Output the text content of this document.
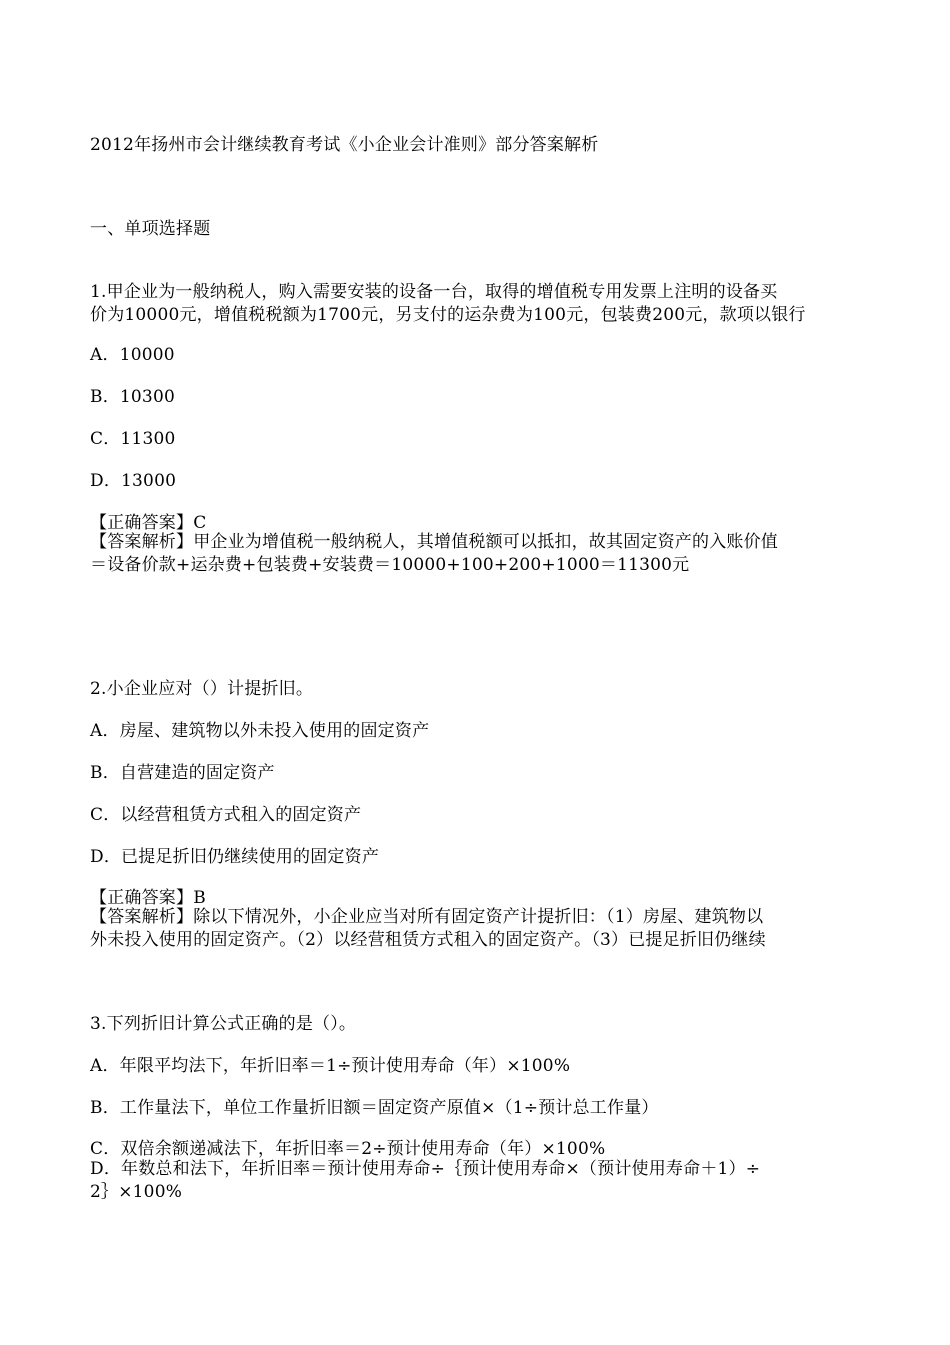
2012年扬州市会计继续教育考试《小企业会计准则》部分答案解析
一、单项选择题
1.甲企业为一般纳税人，购入需要安装的设备一台，取得的增值税专用发票上注明的设备买
价为10000元，增值税税额为1700元，另支付的运杂费为100元，包装费200元，款项以银行
A．10000
B．10300
C．11300
D．13000
【正确答案】C
【答案解析】甲企业为增值税一般纳税人，其增值税额可以抵扣，故其固定资产的入账价值
＝设备价款+运杂费+包装费+安装费＝10000+100+200+1000＝11300元
2.小企业应对（）计提折旧。
A．房屋、建筑物以外未投入使用的固定资产
B．自营建造的固定资产
C．以经营租赁方式租入的固定资产
D．已提足折旧仍继续使用的固定资产
【正确答案】B
【答案解析】除以下情况外，小企业应当对所有固定资产计提折旧：（1）房屋、建筑物以
外未投入使用的固定资产。（2）以经营租赁方式租入的固定资产。（3）已提足折旧仍继续
3.下列折旧计算公式正确的是（）。
A．年限平均法下，年折旧率＝1÷预计使用寿命（年）×100%
B．工作量法下，单位工作量折旧额＝固定资产原值×（1÷预计总工作量）
C．双倍余额递减法下，年折旧率＝2÷预计使用寿命（年）×100%
D．年数总和法下，年折旧率＝预计使用寿命÷｛预计使用寿命×（预计使用寿命＋1）÷
2｝×100%
